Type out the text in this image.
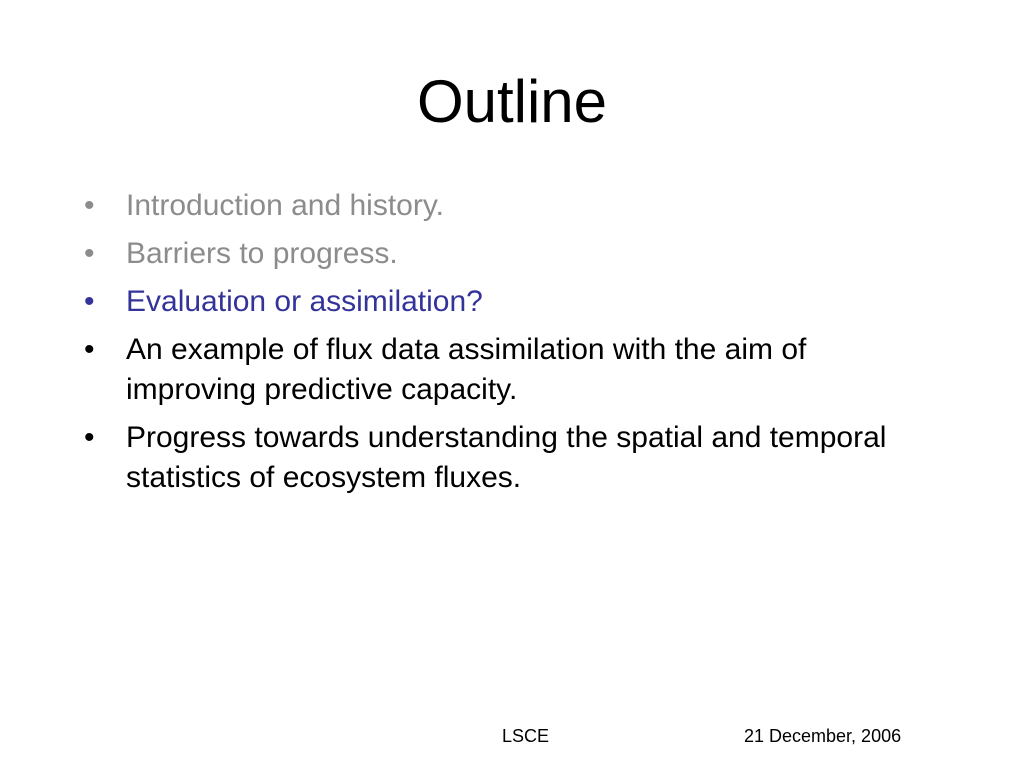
Outline
•	Introduction and history.
•	Barriers to progress.
•	Evaluation or assimilation?
•	An example of flux data assimilation with the aim of improving predictive capacity.
•	Progress towards understanding the spatial and temporal statistics of ecosystem fluxes.
LSCE	21 December, 2006
